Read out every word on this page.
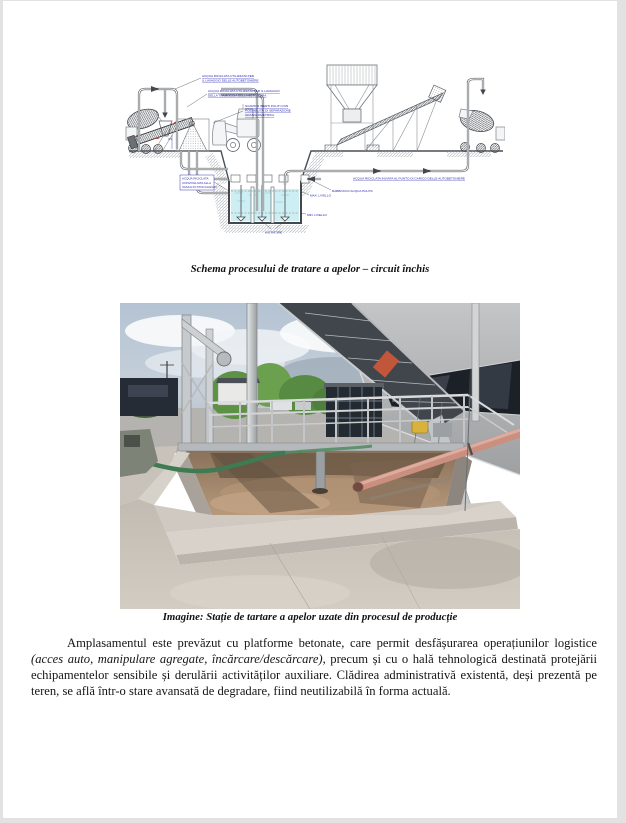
3.0
ACQUA RICICLATA UTILIZZATA PER
IL LAVAGGIO DELLE AUTOBETONIERE
ACQUA RICICLATA UTILIZZATA PER IL LAVAGGIO
DELLA TRAMOGGIA DELLA BETONIERA
SCARICO INERTI PULITI CON
POSSIBILITA' DI SEPARAZIONE
GRANULOMETRICA
ACQUA RICICLATA
CONVOGLIATA ALLA
VASCA DI STOCCAGGIO
ACQUA RICICLATA INVIATA AL PUNTO DI CARICO DELLE AUTOBETONIERE
RABBOCCO ACQUA PULITA
MAX. LIVELLO
MIN. LIVELLO
AGITATORE

Schema procesului de tratare a apelor – circuit închis

Imagine: Stație de tartare a apelor uzate din procesul de producție

Amplasamentul este prevăzut cu platforme betonate, care permit desfășurarea operațiunilor logistice (acces auto, manipulare agregate, încărcare/descărcare), precum și cu o hală tehnologică destinată protejării echipamentelor sensibile și derulării activităților auxiliare. Clădirea administrativă existentă, deși prezentă pe teren, se află într-o stare avansată de degradare, fiind neutilizabilă în forma actuală.
